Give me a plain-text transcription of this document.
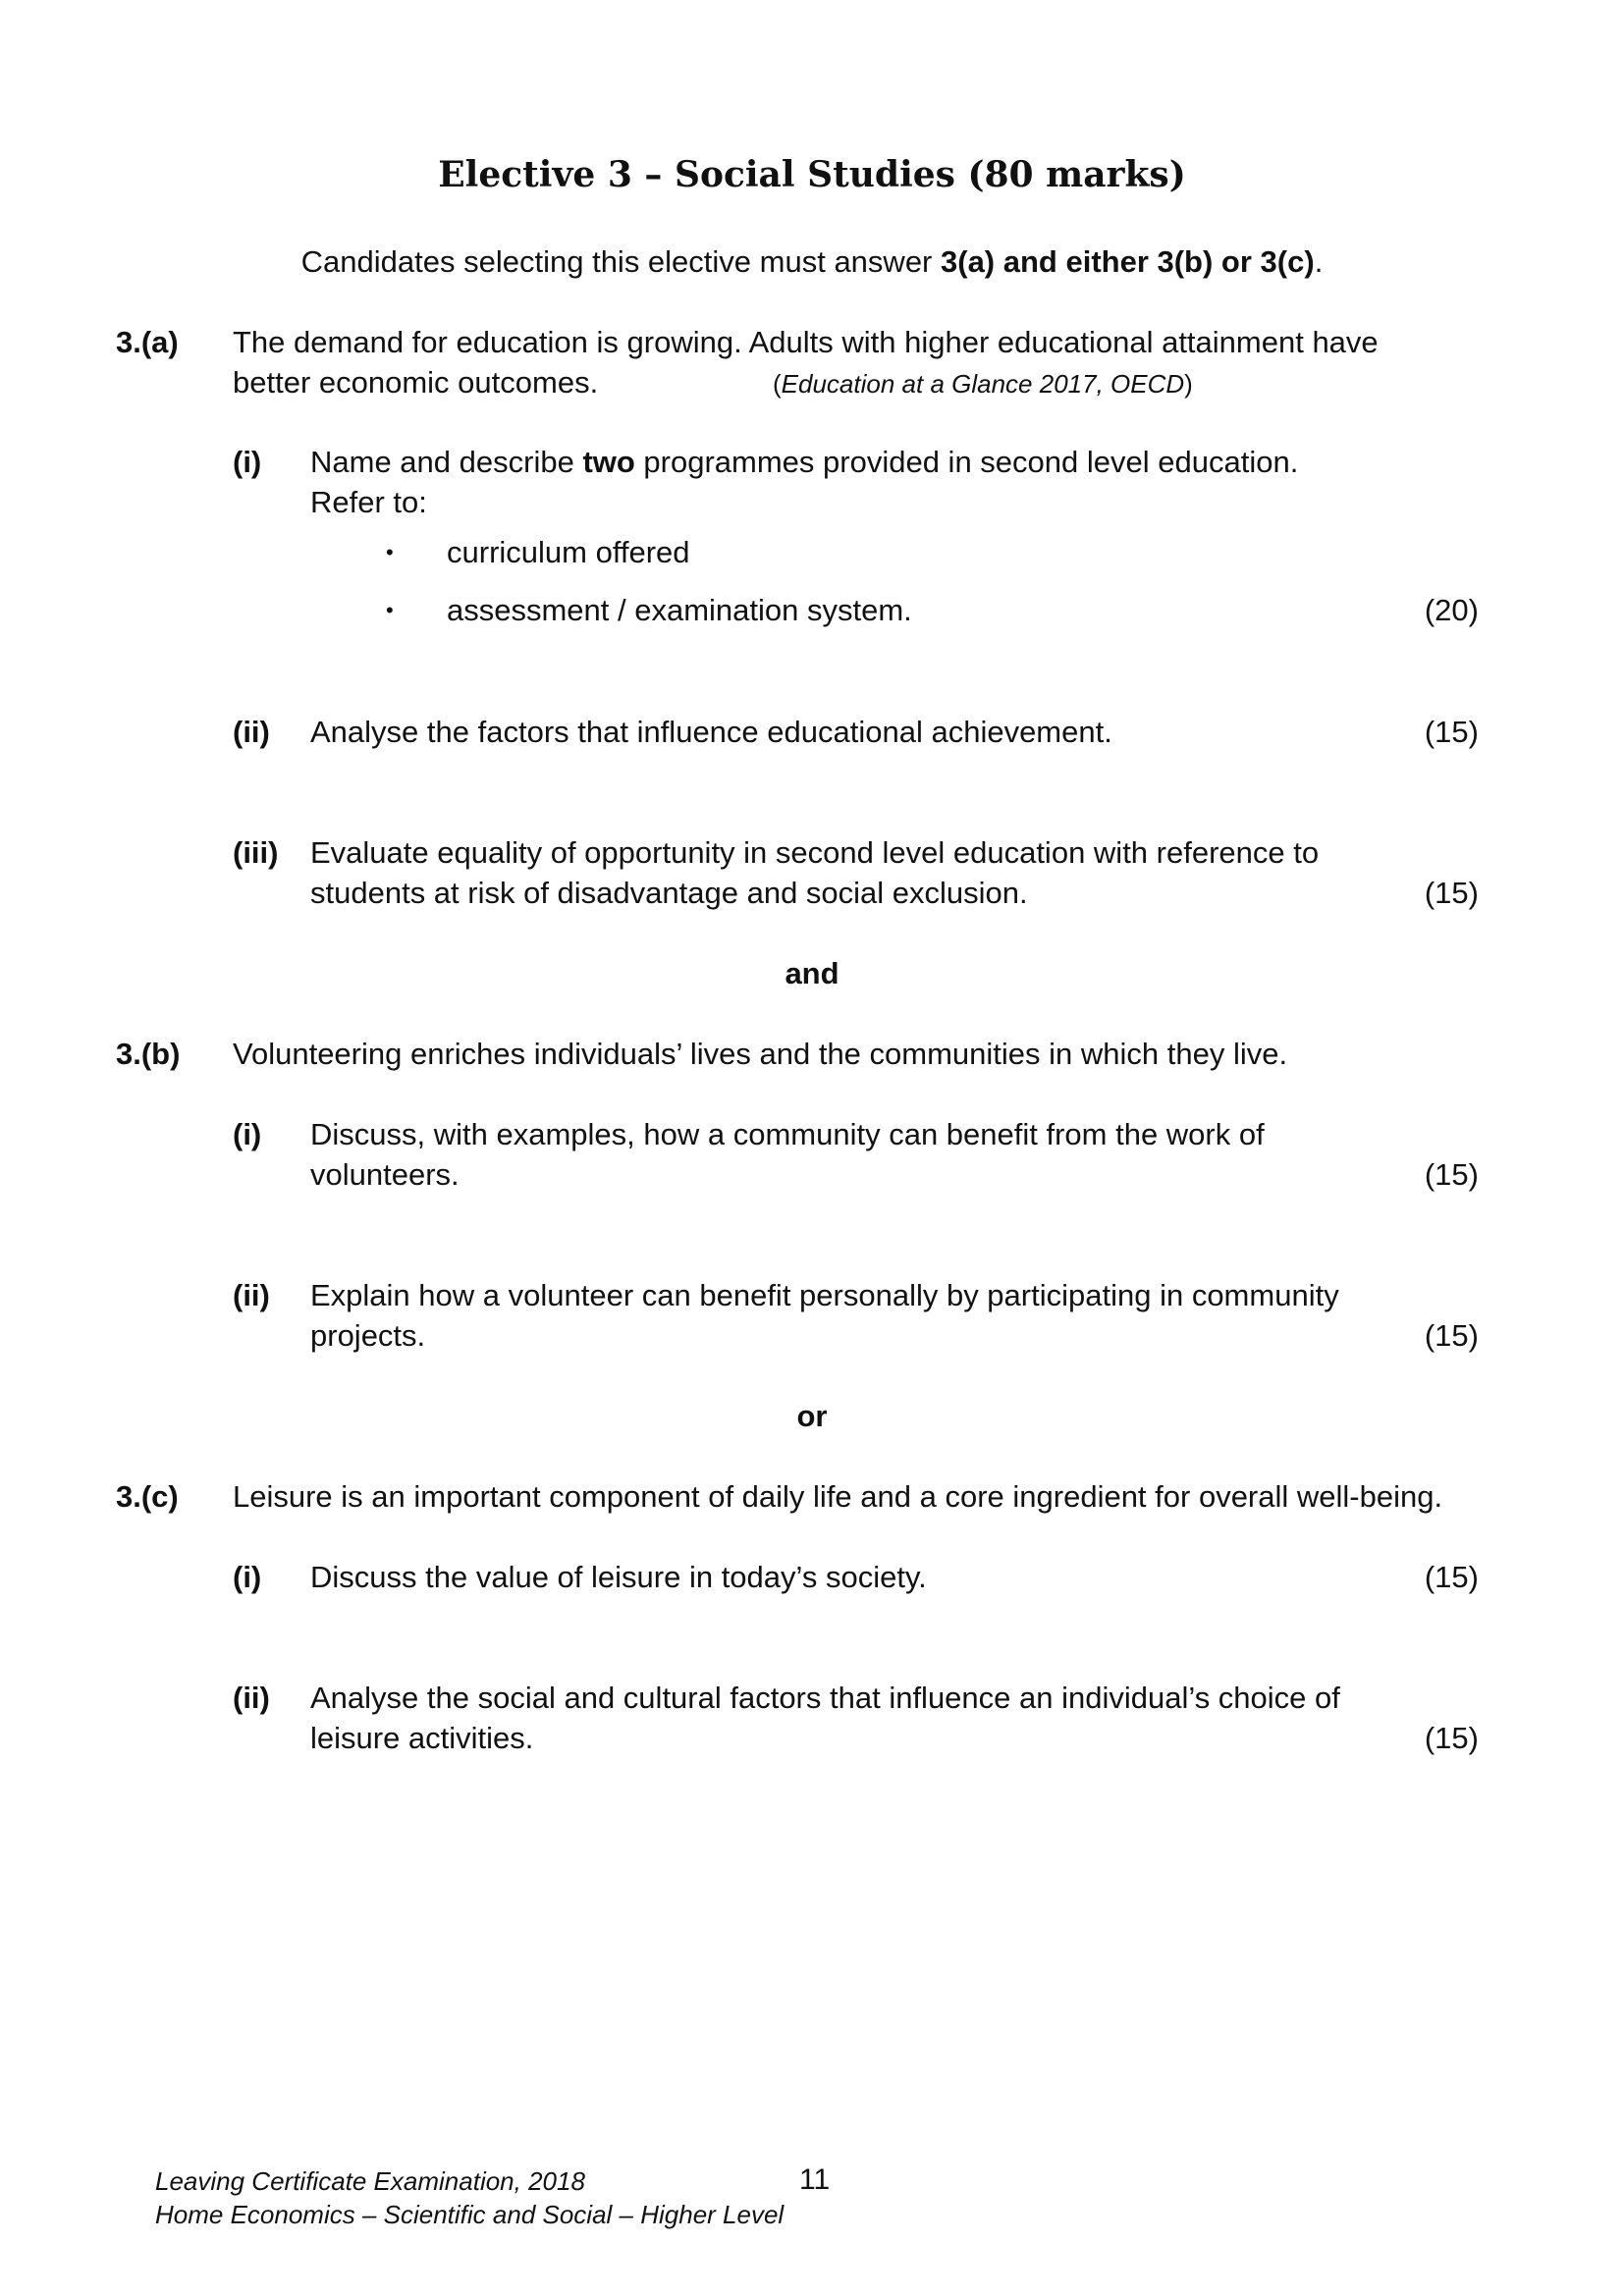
Elective 3 – Social Studies (80 marks)
Candidates selecting this elective must answer 3(a) and either 3(b) or 3(c).
3.(a) The demand for education is growing. Adults with higher educational attainment have
better economic outcomes.	(Education at a Glance 2017, OECD)
(i) Name and describe two programmes provided in second level education.
Refer to:
• curriculum offered
• assessment / examination system.	(20)
(ii) Analyse the factors that influence educational achievement.	(15)
(iii) Evaluate equality of opportunity in second level education with reference to
students at risk of disadvantage and social exclusion.	(15)
and
3.(b) Volunteering enriches individuals’ lives and the communities in which they live.
(i) Discuss, with examples, how a community can benefit from the work of
volunteers.	(15)
(ii) Explain how a volunteer can benefit personally by participating in community
projects.	(15)
or
3.(c) Leisure is an important component of daily life and a core ingredient for overall well-being.
(i) Discuss the value of leisure in today’s society.	(15)
(ii) Analyse the social and cultural factors that influence an individual’s choice of
leisure activities.	(15)
Leaving Certificate Examination, 2018
Home Economics – Scientific and Social – Higher Level
11
